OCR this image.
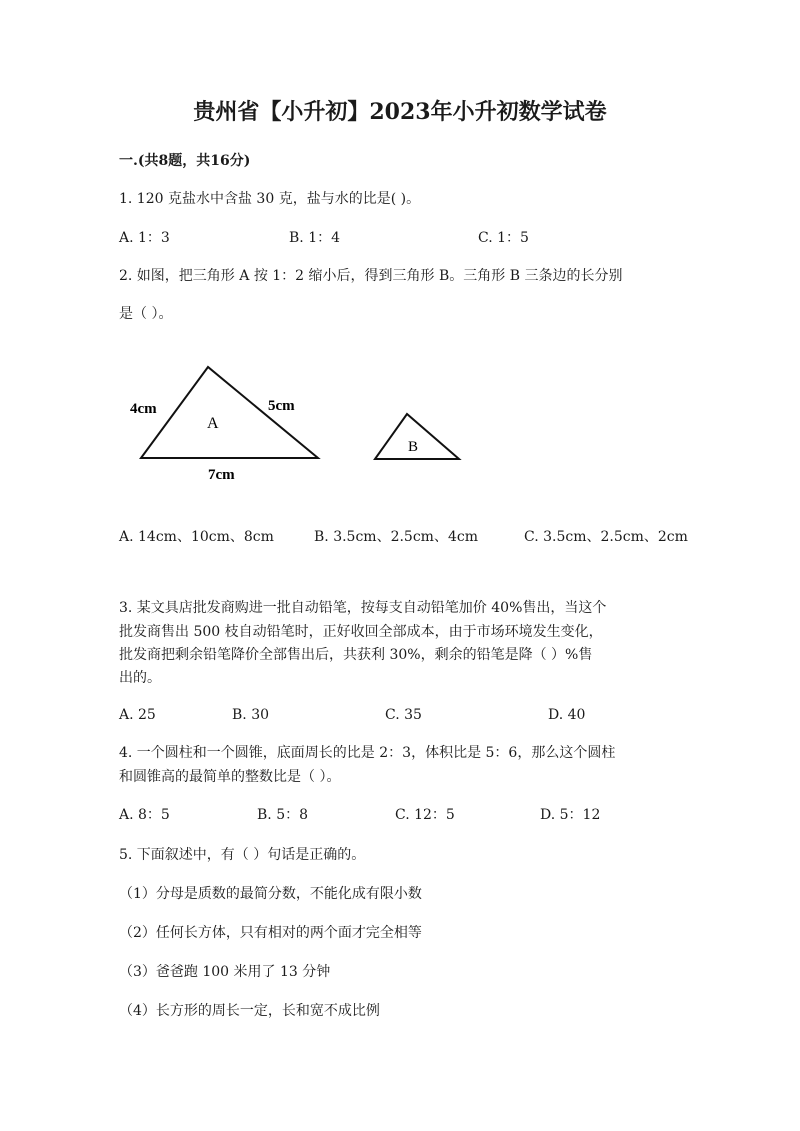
贵州省【小升初】2023年小升初数学试卷
一.(共8题，共16分)
1. 120 克盐水中含盐 30 克，盐与水的比是( )。
A. 1：3	B. 1：4	C. 1：5
2. 如图，把三角形 A 按 1：2 缩小后，得到三角形 B。三角形 B 三条边的长分别
是（ ）。
A
4cm	5cm
7cm
B
A. 14cm、10cm、8cm	B. 3.5cm、2.5cm、4cm	C. 3.5cm、2.5cm、2cm
3. 某文具店批发商购进一批自动铅笔，按每支自动铅笔加价 40%售出，当这个
批发商售出 500 枝自动铅笔时，正好收回全部成本，由于市场环境发生变化，
批发商把剩余铅笔降价全部售出后，共获利 30%，剩余的铅笔是降（ ）%售
出的。
A. 25	B. 30	C. 35	D. 40
4. 一个圆柱和一个圆锥，底面周长的比是 2：3，体积比是 5：6，那么这个圆柱
和圆锥高的最简单的整数比是（ ）。
A. 8：5	B. 5：8	C. 12：5	D. 5：12
5. 下面叙述中，有（ ）句话是正确的。
（1）分母是质数的最简分数，不能化成有限小数
（2）任何长方体，只有相对的两个面才完全相等
（3）爸爸跑 100 米用了 13 分钟
（4）长方形的周长一定，长和宽不成比例
